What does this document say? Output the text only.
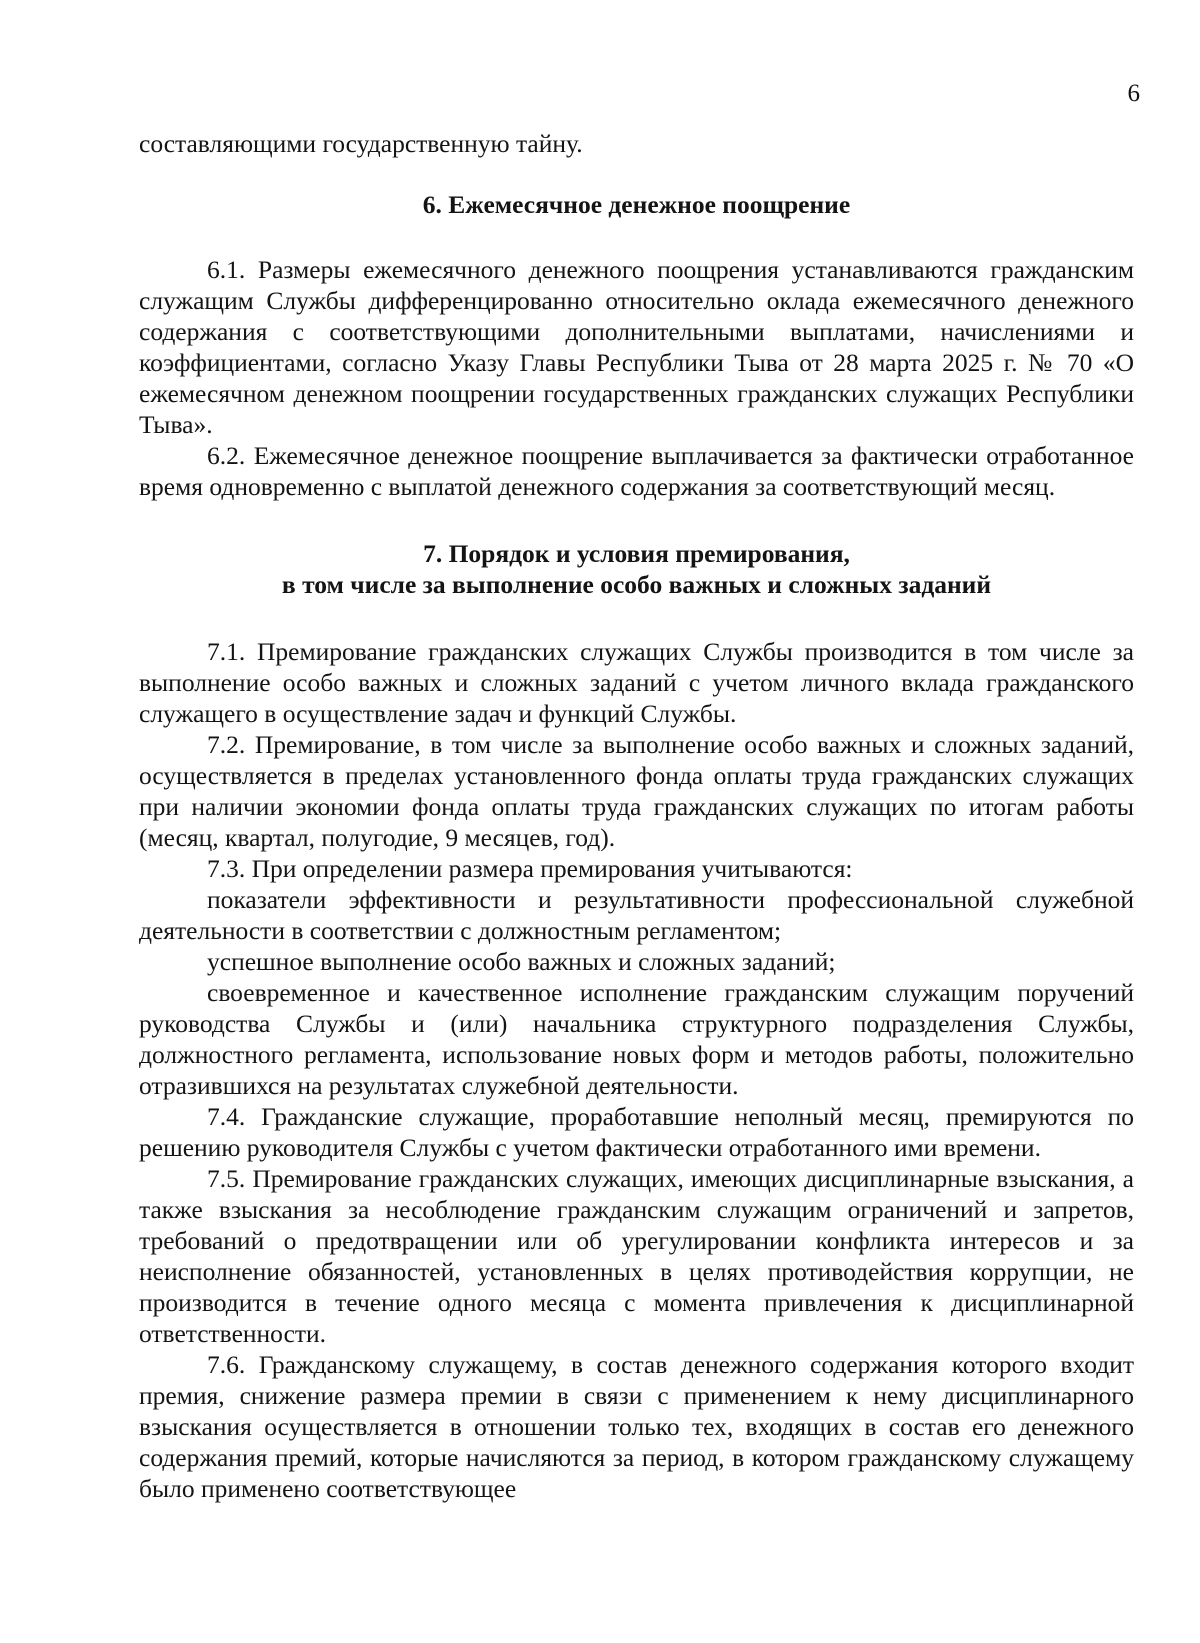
6

составляющими государственную тайну.

6. Ежемесячное денежное поощрение

6.1. Размеры ежемесячного денежного поощрения устанавливаются гражданским служащим Службы дифференцированно относительно оклада ежемесячного денежного содержания с соответствующими дополнительными выплатами, начислениями и коэффициентами, согласно Указу Главы Республики Тыва от 28 марта 2025 г. № 70 «О ежемесячном денежном поощрении государственных гражданских служащих Республики Тыва».

6.2. Ежемесячное денежное поощрение выплачивается за фактически отработанное время одновременно с выплатой денежного содержания за соответствующий месяц.

7. Порядок и условия премирования,
в том числе за выполнение особо важных и сложных заданий

7.1. Премирование гражданских служащих Службы производится в том числе за выполнение особо важных и сложных заданий с учетом личного вклада гражданского служащего в осуществление задач и функций Службы.

7.2. Премирование, в том числе за выполнение особо важных и сложных заданий, осуществляется в пределах установленного фонда оплаты труда гражданских служащих при наличии экономии фонда оплаты труда гражданских служащих по итогам работы (месяц, квартал, полугодие, 9 месяцев, год).

7.3. При определении размера премирования учитываются:

показатели эффективности и результативности профессиональной служебной деятельности в соответствии с должностным регламентом;

успешное выполнение особо важных и сложных заданий;

своевременное и качественное исполнение гражданским служащим поручений руководства Службы и (или) начальника структурного подразделения Службы, должностного регламента, использование новых форм и методов работы, положительно отразившихся на результатах служебной деятельности.

7.4. Гражданские служащие, проработавшие неполный месяц, премируются по решению руководителя Службы с учетом фактически отработанного ими времени.

7.5. Премирование гражданских служащих, имеющих дисциплинарные взыскания, а также взыскания за несоблюдение гражданским служащим ограничений и запретов, требований о предотвращении или об урегулировании конфликта интересов и за неисполнение обязанностей, установленных в целях противодействия коррупции, не производится в течение одного месяца с момента привлечения к дисциплинарной ответственности.

7.6. Гражданскому служащему, в состав денежного содержания которого входит премия, снижение размера премии в связи с применением к нему дисциплинарного взыскания осуществляется в отношении только тех, входящих в состав его денежного содержания премий, которые начисляются за период, в котором гражданскому служащему было применено соответствующее
